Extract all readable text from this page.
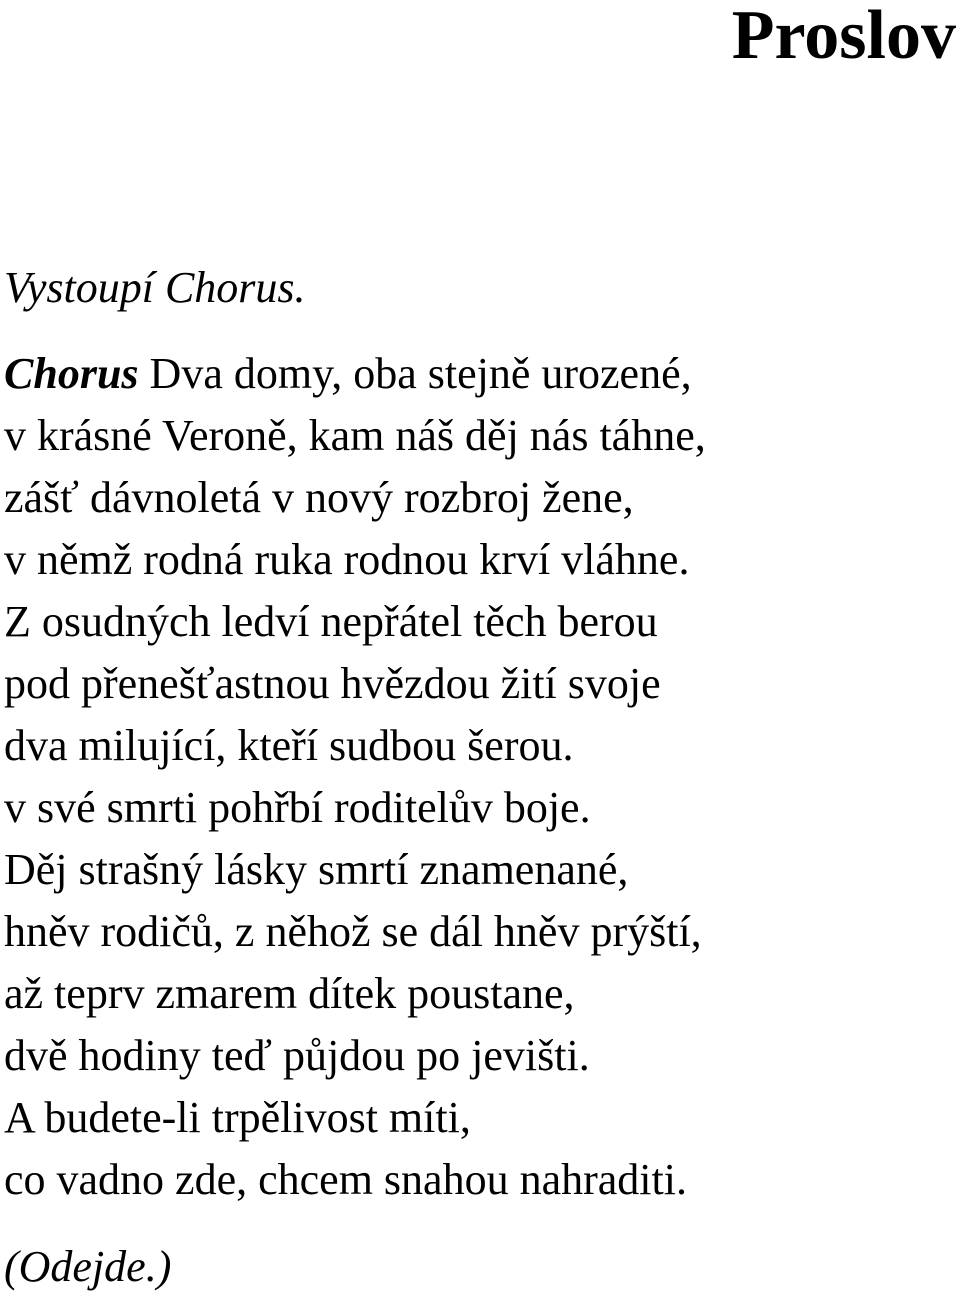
Proslov

Vystoupí Chorus.

Chorus Dva domy, oba stejně urozené,
v krásné Veroně, kam náš děj nás táhne,
zášť dávnoletá v nový rozbroj žene,
v němž rodná ruka rodnou krví vláhne.
Z osudných ledví nepřátel těch berou
pod přenešťastnou hvězdou žití svoje
dva milující, kteří sudbou šerou.
v své smrti pohřbí roditelův boje.
Děj strašný lásky smrtí znamenané,
hněv rodičů, z něhož se dál hněv prýští,
až teprv zmarem dítek poustane,
dvě hodiny teď půjdou po jevišti.
A budete-li trpělivost míti,
co vadno zde, chcem snahou nahraditi.

(Odejde.)
